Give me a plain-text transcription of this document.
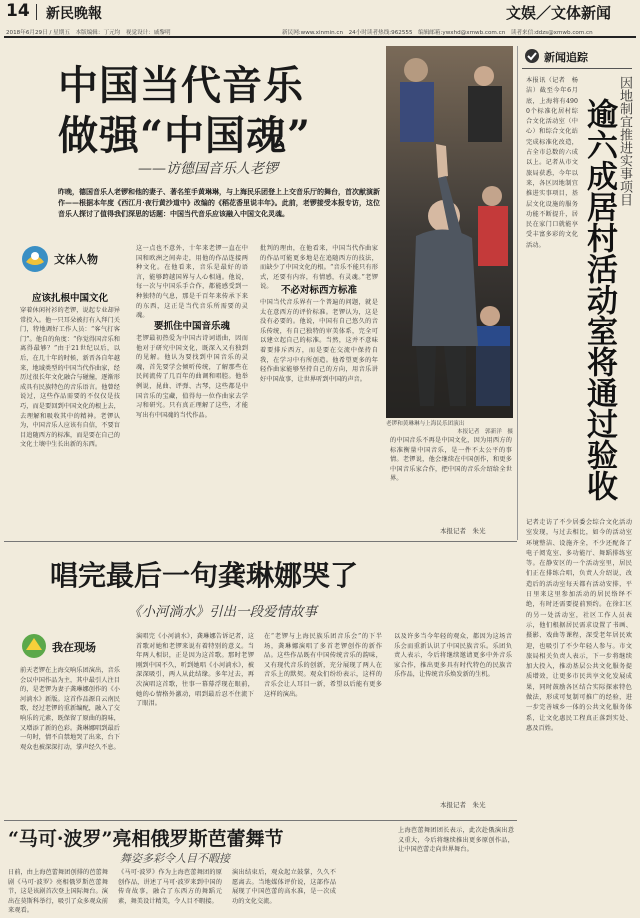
14 新民晚報	文娱／文体新闻
2018年6月29日 / 星期五　本版编辑：丁元均　视觉设计：戚黎明	新民网:www.xinmin.cn　24小时读者热线:962555　编辑邮箱:ywxhd@xmwb.com.cn　读者来信:ddzs@xmwb.com.cn
中国当代音乐
做强“中国魂”
——访德国音乐人老锣
昨晚，德国音乐人老锣和他的妻子、著名笙手黄琳琳，与上海民乐团登上上交音乐厅的舞台，首次献演新作——根据本年度《西江月·夜行黄沙道中》改编的《稻花香里说丰年》。此前，老锣接受本报专访，这位音乐人探讨了值得我们深思的话题：中国当代音乐应该融入中国文化灵魂。
老锣和黄琳琳与上海民乐团演出

本报记者　郭新洋　摄
文体人物
应该扎根中国文化
穿着休闲衬衫的老锣，说起专业却异常投入。他一只耳朵被打有入拜门关门，特地调好工作人员：“客气打客门”。他自的角度：“你觉得国音乐和离得最够？”由于21世纪以后，以后，在几十年的时候，新晋各自年越来，地域类型的中国当代作曲家，经历过很长年文化融合与碰撞，逐渐形成具有民族特色的音乐语言。他曾经说过，这些作品需要的不仅仅是技巧，而是要回到中国文化的根上去，去理解和吸收其中的精神。老锣认为，中国音乐人应该有自信，不要盲目追随西方的标准，而是要在自己的文化土壤中生长出新的东西。
这一点也不意外，十年来老锣一直在中国和欧洲之间奔走，用他的作品连接两种文化。在他看来，音乐是最好的语言，能够跨越国界与人心相通。他说，每一次与中国乐手合作，都能感受到一种独特的气息，那是千百年来传承下来的东西，这正是当代音乐所需要的灵魂。
要抓住中国音乐魂
老锣最初热爱为中国古诗词谱曲，因而他对于研究中国文化，既深入又有独到的见解。他认为要找到中国音乐的灵魂，首先要学会倾听传统，了解那些在民间流传了几百年的曲调和唱腔。他举例说，昆曲、评弹、古琴，这些都是中国音乐的宝藏，值得每一位作曲家去学习和研究。只有真正理解了这些，才能写出有中国魂的当代作品。
批判的理由，在他看来，中国当代作曲家的作品可能更多地是在追随西方的技法，而缺少了中国文化的根。“音乐不能只有形式，还要有内容，有情感，有灵魂。”老锣说。 不必对标西方标准
中国当代音乐界有一个普遍的问题，就是太在意西方的评价标准。老锣认为，这是没有必要的。他说，中国有自己悠久的音乐传统，有自己独特的审美体系，完全可以建立起自己的标准。当然，这并不意味着要排斥西方，而是要在交流中保持自我，在学习中有所创造。他希望更多的年轻作曲家能够坚持自己的方向，用音乐讲好中国故事，让世界听到中国的声音。
的中国音乐不再是中国文化，因为用西方的标准衡量中国音乐，是一件不太公平的事情。老锣说，他会继续在中国创作，和更多中国音乐家合作，把中国的音乐介绍给全世界。
本报记者　朱光
新闻追踪
因地制宜推进实事项目
逾六成居村活动室将通过验收
本报讯（记者　杨洁）截至今年6月底，上海将有4900个标准化居村综合文化活动室（中心）和综合文化站完成标准化改造，占全市总数的六成以上。记者从市文旅局获悉，今年以来，各区因地制宜推进实事项目，基层文化设施的服务功能不断提升，居民在家门口就能享受丰富多彩的文化活动。
记者走访了不少居委会综合文化活动室发现，与过去相比，如今的活动室环境整洁、设施齐全，不少还配备了电子阅览室、多功能厅、舞蹈排练室等。在静安区的一个活动室里，居民们正在排练合唱，负责人介绍说，改造后的活动室每天都有活动安排，平日里来这里参加活动的居民络绎不绝，有时还需要提前预约。在徐汇区的另一处活动室，社区工作人员表示，他们根据居民需求设置了书画、摄影、戏曲等课程，深受老年居民欢迎，也吸引了不少年轻人参与。市文旅局相关负责人表示，下一步将继续加大投入，推动基层公共文化服务提质增效，让更多市民共享文化发展成果，同时鼓励各区结合实际探索特色做法，形成可复制可推广的经验，进一步完善城乡一体的公共文化服务体系，让文化惠民工程真正落到实处、惠及百姓。
唱完最后一句龚琳娜哭了
《小河淌水》引出一段爱情故事
我在现场
前天老锣在上海交响乐团演出，音乐会以中国作品为主，其中最引人注目的，是老锣为妻子龚琳娜创作的《小河淌水》新版。这首作品源自云南民歌，经过老锣的重新编配，融入了交响乐的元素，既保留了原曲的韵味，又增添了新的色彩。龚琳娜唱到最后一句时，情不自禁地哭了出来，台下观众也被深深打动，掌声经久不息。
演唱完《小河淌水》，龚琳娜告诉记者，这首歌对她和老锣来说有着特别的意义。当年两人相识，正是因为这首歌。那时老锣刚到中国不久，听到她唱《小河淌水》，被深深吸引，两人从此结缘。多年过去，再次演唱这首歌，往事一幕幕浮现在眼前，她的心情格外激动，唱到最后忍不住流下了眼泪。
在“老锣与上海民族乐团音乐会”的下半场，龚琳娜演唱了多首老锣创作的新作品。这些作品既有中国传统音乐的韵味，又有现代音乐的创新，充分展现了两人在音乐上的默契。观众们纷纷表示，这样的音乐会让人耳目一新，希望以后能有更多这样的演出。
以及许多当今年轻的观众，都因为这场音乐会而重新认识了中国民族音乐。乐团负责人表示，今后将继续邀请更多中外音乐家合作，推出更多具有时代特色的民族音乐作品，让传统音乐焕发新的生机。
本报记者　朱光
“马可·波罗”亮相俄罗斯芭蕾舞节
舞姿多彩令人目不暇接
日前，由上海芭蕾舞团创排的芭蕾舞剧《马可·波罗》亮相俄罗斯芭蕾舞节，这是该剧首次登上国际舞台。演出在莫斯科举行，吸引了众多观众前来观看。
《马可·波罗》作为上海芭蕾舞团的原创作品，讲述了马可·波罗来到中国的传奇故事，融合了东西方的舞蹈元素，舞美设计精美，令人目不暇接。
演出结束后，观众起立鼓掌，久久不愿离去。当地媒体评价说，这部作品展现了中国芭蕾的高水准，是一次成功的文化交流。
上海芭蕾舞团团长表示，此次赴俄演出意义重大，今后将继续推出更多原创作品，让中国芭蕾走向世界舞台。
